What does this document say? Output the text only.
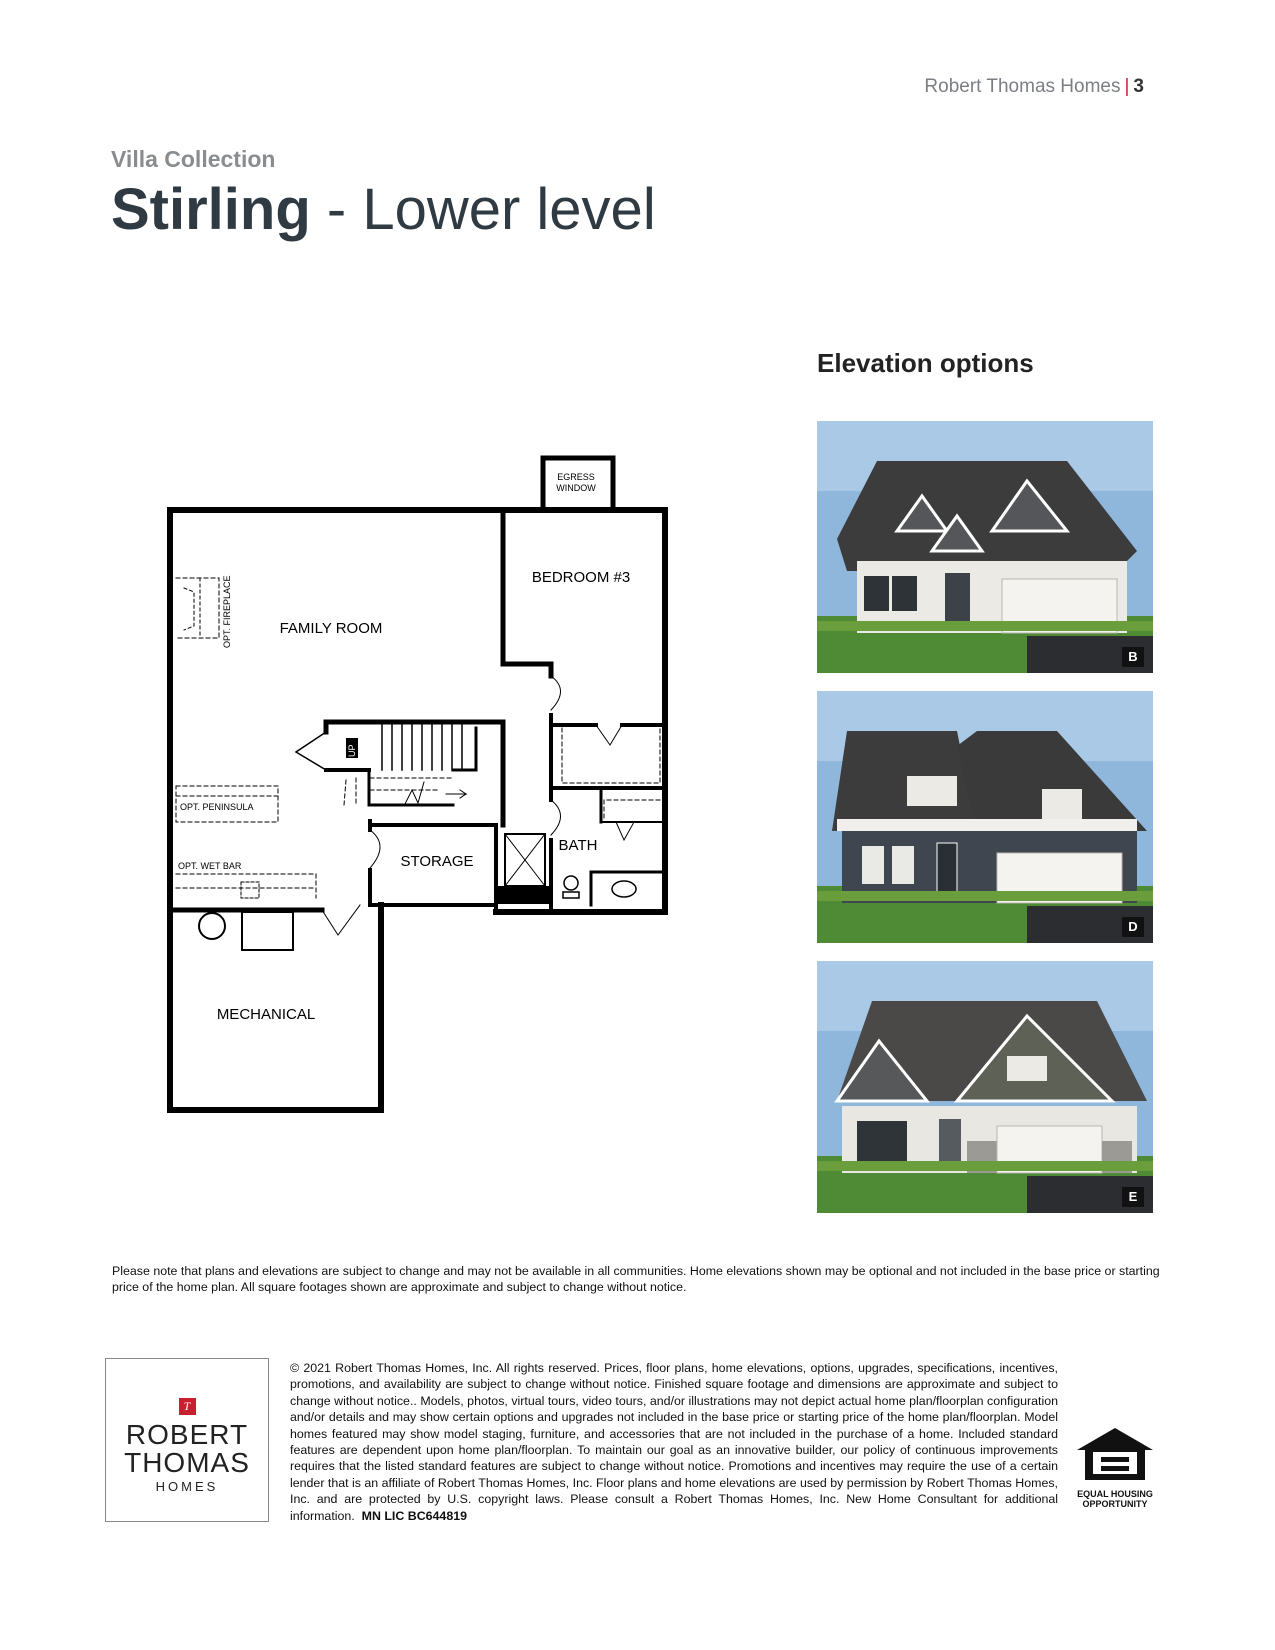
Robert Thomas Homes | 3
Villa Collection
Stirling - Lower level
EGRESS
WINDOW
BEDROOM #3
FAMILY ROOM
OPT. FIREPLACE
UP
OPT. PENINSULA
OPT. WET BAR	STORAGE
BATH
MECHANICAL
Elevation options
B
D
E
Please note that plans and elevations are subject to change and may not be available in all communities. Home elevations shown may be optional and not included in the base price or starting price of the home plan. All square footages shown are approximate and subject to change without notice.
T
ROBERT
THOMAS
HOMES
© 2021 Robert Thomas Homes, Inc. All rights reserved. Prices, floor plans, home elevations, options, upgrades, specifications, incentives, promotions, and availability are subject to change without notice. Finished square footage and dimensions are approximate and subject to change without notice.. Models, photos, virtual tours, video tours, and/or illustrations may not depict actual home plan/floorplan configuration and/or details and may show certain options and upgrades not included in the base price or starting price of the home plan/floorplan. Model homes featured may show model staging, furniture, and accessories that are not included in the purchase of a home. Included standard features are dependent upon home plan/floorplan. To maintain our goal as an innovative builder, our policy of continuous improvements requires that the listed standard features are subject to change without notice. Promotions and incentives may require the use of a certain lender that is an affiliate of Robert Thomas Homes, Inc. Floor plans and home elevations are used by permission by Robert Thomas Homes, Inc. and are protected by U.S. copyright laws. Please consult a Robert Thomas Homes, Inc. New Home Consultant for additional information. MN LIC BC644819
EQUAL HOUSING
OPPORTUNITY
